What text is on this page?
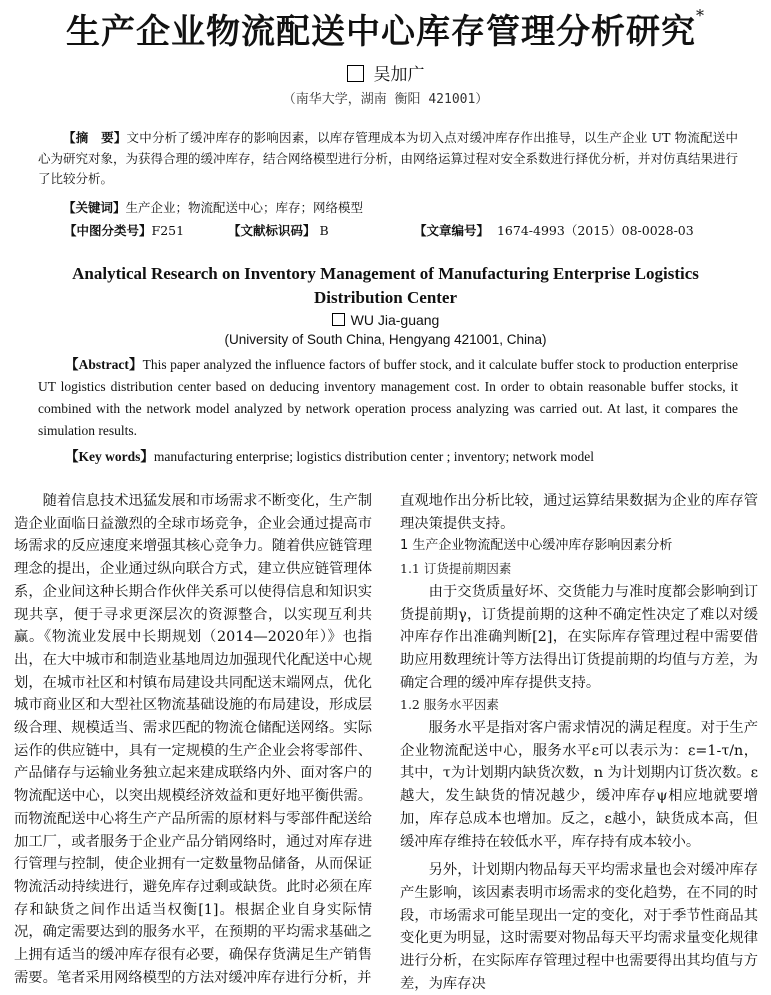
生产企业物流配送中心库存管理分析研究*
吴加广
（南华大学，湖南 衡阳 421001）
【摘　要】文中分析了缓冲库存的影响因素，以库存管理成本为切入点对缓冲库存作出推导，以生产企业 UT 物流配送中心为研究对象，为获得合理的缓冲库存，结合网络模型进行分析，由网络运算过程对安全系数进行择优分析，并对仿真结果进行了比较分析。
【关键词】生产企业；物流配送中心；库存；网络模型
【中图分类号】F251	【文献标识码】 B	【文章编号】 1674-4993（2015）08-0028-03
Analytical Research on Inventory Management of Manufacturing Enterprise Logistics Distribution Center
WU Jia-guang
(University of South China, Hengyang 421001, China)
【Abstract】This paper analyzed the influence factors of buffer stock, and it calculate buffer stock to production enterprise UT logistics distribution center based on deducing inventory management cost. In order to obtain reasonable buffer stocks, it combined with the network model analyzed by network operation process analyzing was carried out. At last, it compares the simulation results.
【Key words】manufacturing enterprise; logistics distribution center ; inventory; network model

随着信息技术迅猛发展和市场需求不断变化，生产制造企业面临日益激烈的全球市场竞争，企业会通过提高市场需求的反应速度来增强其核心竞争力。随着供应链管理理念的提出，企业通过纵向联合方式，建立供应链管理体系，企业间这种长期合作伙伴关系可以使得信息和知识实现共享，便于寻求更深层次的资源整合，以实现互利共赢。《物流业发展中长期规划（2014—2020年）》也指出，在大中城市和制造业基地周边加强现代化配送中心规划，在城市社区和村镇布局建设共同配送末端网点，优化城市商业区和大型社区物流基础设施的布局建设，形成层级合理、规模适当、需求匹配的物流仓储配送网络。实际运作的供应链中，具有一定规模的生产企业会将零部件、产品储存与运输业务独立起来建成联络内外、面对客户的物流配送中心，以突出规模经济效益和更好地平衡供需。而物流配送中心将生产产品所需的原材料与零部件配送给加工厂，或者服务于企业产品分销网络时，通过对库存进行管理与控制，使企业拥有一定数量物品储备，从而保证物流活动持续进行，避免库存过剩或缺货。此时必须在库存和缺货之间作出适当权衡[1]。根据企业自身实际情况，确定需要达到的服务水平，在预期的平均需求基础之上拥有适当的缓冲库存很有必要，确保存货满足生产销售需要。笔者采用网络模型的方法对缓冲库存进行分析，并

直观地作出分析比较，通过运算结果数据为企业的库存管理决策提供支持。

1 生产企业物流配送中心缓冲库存影响因素分析

1.1 订货提前期因素

由于交货质量好坏、交货能力与准时度都会影响到订货提前期γ，订货提前期的这种不确定性决定了难以对缓冲库存作出准确判断[2]，在实际库存管理过程中需要借助应用数理统计等方法得出订货提前期的均值与方差，为确定合理的缓冲库存提供支持。

1.2 服务水平因素

服务水平是指对客户需求情况的满足程度。对于生产企业物流配送中心，服务水平ε可以表示为：ε=1-τ/n，其中，τ为计划期内缺货次数，n 为计划期内订货次数。ε越大，发生缺货的情况越少，缓冲库存ψ相应地就要增加，库存总成本也增加。反之，ε越小，缺货成本高，但缓冲库存维持在较低水平，库存持有成本较小。

另外，计划期内物品每天平均需求量也会对缓冲库存产生影响，该因素表明市场需求的变化趋势，在不同的时段，市场需求可能呈现出一定的变化，对于季节性商品其变化更为明显，这时需要对物品每天平均需求量变化规律进行分析，在实际库存管理过程中也需要得出其均值与方差，为库存决
